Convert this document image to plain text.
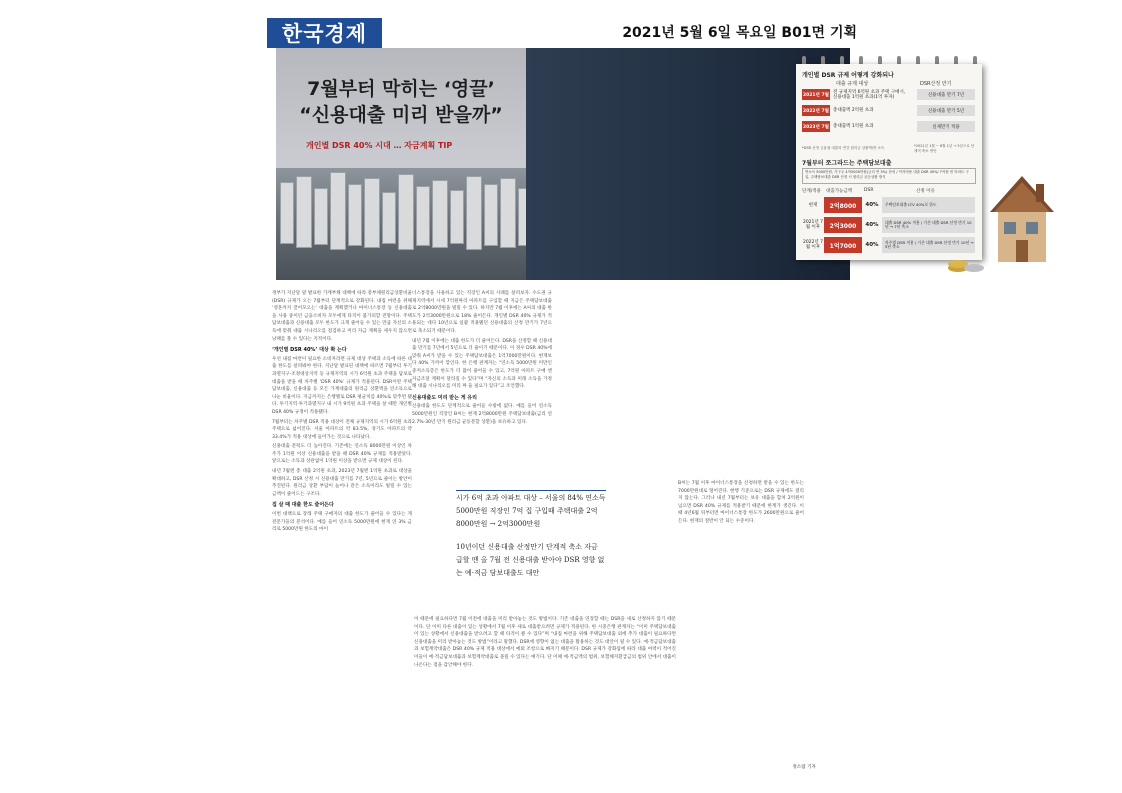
한국경제	2021년 5월 6일 목요일 B01면 기획
7월부터 막히는 ‘영끌’
“신용대출 미리 받을까”
개인별 DSR 40% 시대 … 자금계획 TIP
개인별 DSR 규제 어떻게 강화되나
대출 규제 대상	DSR산정 만기
2021년 7월
전 규제지역 6억원 초과 주택 구매시, 신용대출 1억원 초과(1억 투자)	신용대출 만기 7년
2022년 7월 총대출액 2억원 초과	신용대출 만기 5년
2023년 7월 총대출액 1억원 초과	실제만기 적용
*DSR 산정 금융권 대출의 연간 원리금 상환액/연 소득	*2021년 1월 ~ 6월 1년 → 5년으로 단계적 축소 방안
7월부터 쪼그라드는 주택담보대출
연소득 5000만원, 가구주 4억5000만원(금리 연 3%) 찬성 / 이자비용 대출 DSR 40%/ 7억원 빈 아파트 구입, 주택담보대출 DSR 산정 시 원리금 균등상환 방식
단계/적용 대출가능금액	DSR	산정 이유
현재	2억8000	40%	주택담보대출 LTV 40%로 한도
2021년 7월 이후	2억3000	40%	대출 DSR 40% 적용 / 기존 대출 DSR 산정 만기 10년 → 7년 축소
2022년 7월 이후	1억7000	40%	차주별 DSR 적용 / 기존 대출 DSR 산정 만기 10년 → 5년 축소
정부가 지난달 말 발표한 가계부채 대책에 따라 총부채원리금상환비율(DSR) 규제가 오는 7월부터 단계적으로 강화된다. 내집 마련을 위해 ‘영혼까지 끌어모으는’ 대출을 계획했거나 마이너스통장 등 신용대출을 사용 중이던 금융소비자 모두에게 타격이 불가피할 전망이다. 주택담보대출과 신용대출 모두 한도가 크게 줄어들 수 있는 만큼 자신의 소득에 맞춰 대출 시나리오를 점검하고 미리 자금 계획을 세우지 않으면 낭패를 볼 수 있다는 지적이다.
‘개인별 DSR 40%’ 대상 확 는다
우선 내집 마련이 필요한 소비자라면 규제 대상 주택과 소득에 따른 대출 한도를 살펴봐야 한다. 지난달 발표된 대책에 따르면 7월부터 투기과열지구·조정대상지역 등 규제지역의 시가 6억원 초과 주택을 담보로 대출을 받을 때 차주별 ‘DSR 40%’ 규제가 적용된다. DSR이란 주택담보대출, 신용대출 등 모든 가계대출의 원리금 상환액을 연소득으로 나눈 비율이다. 지금까지는 은행별로 DSR 평균치를 40%로 맞추면 됐다. 투기지역·투기과열지구 내 시가 9억원 초과 주택을 살 때만 개인별 DSR 40% 규정이 적용됐다.
7월부터는 차주별 DSR 적용 대상이 전체 규제지역의 시가 6억원 초과 주택으로 넓어진다. 서울 아파트의 약 83.5%, 경기도 아파트의 약 33.4%가 적용 대상에 들어가는 것으로 나타났다.
신용대출 문턱도 더 높아진다. 기존에는 연소득 8000만원 이상인 차주가 1억원 이상 신용대출을 받을 때 DSR 40% 규제를 적용받았다. 앞으로는 소득과 상관없이 1억원 이상을 받으면 규제 대상이 된다.
내년 7월엔 총 대출 2억원 초과, 2023년 7월엔 1억원 초과로 대상을 확대하고, DSR 산정 시 신용대출 만기를 7년, 5년으로 줄이는 방안이 추진된다. 원리금 상환 부담이 늘어나 같은 소득이라도 빌릴 수 있는 금액이 줄어드는 구조다.
집 살 때 대출 한도 줄어든다
이번 대책으로 장래 주택 구매자의 대출 한도가 줄어들 수 있다는 게 전문가들의 분석이다. 예를 들어 연소득 5000만원에 현재 연 3% 금리로 5000만원 한도의 마이
너스통장을 사용하고 있는 직장인 A씨의 사례를 살펴보자. 수도권 규제지역에서 시세 7억원짜리 아파트를 구입할 때 지금은 주택담보대출로 2억8000만원을 빌릴 수 있다. 하지만 7월 이후에는 A씨의 대출 한도가 2억3000만원으로 18% 줄어든다. 개인별 DSR 40% 규제가 적용되는 데다 10년으로 일괄 적용됐던 신용대출의 산정 만기가 7년으로 축소되기 때문이다.
내년 7월 이후에는 대출 한도가 더 줄어든다. DSR을 산정할 때 신용대출 만기를 7년에서 5년으로 더 줄이기 때문이다. 이 경우 DSR 40%에 맞춰 A씨가 받을 수 있는 주택담보대출은 1억7000만원이다. 현재보다 40% 가까이 깎인다. 한 은행 관계자는 “연소득 5000만원 미만인 중저소득층은 한도가 더 많이 줄어들 수 있고, 7억원 아파트 구매 엔 자금조달 계획이 달라질 수 있다”며 “자신의 소득과 미래 소득을 가정해 대출 시나리오를 미리 짜 둘 필요가 있다”고 조언했다.
신용대출도 미리 받는 게 유리
신용대출 한도도 단계적으로 줄어들 수밖에 없다. 예를 들어 연소득 5000만원인 직장인 B씨는 현재 2억8000만원 주택담보대출(금리 연 2.7%·30년 만기 원리금 균등분할 상환)을 보유하고 있다.
시가 6억 초과 아파트 대상 – 서울의 84% 연소득 5000만원 직장인 7억 집 구입때 주택대출 2억8000만원 → 2억3000만원
10년이던 신용대출 산정만기 단계적 축소 자금 급할 땐 올 7월 전 신용대출 받아야 DSR 영향 없는 예·적금 담보대출도 대안
B씨는 7월 이후 마이너스통장을 신청하면 받을 수 있는 한도는 7000만원대로 떨어진다. 현행 기준으로는 DSR 규제에도 걸리지 않는다. 그러나 내년 7월부터는 보유 대출을 합쳐 2억원이 넘으면 DSR 40% 규제를 적용받기 때문에 한계가 생긴다. 이때 4년6월 뒤부터면 마이너스통장 한도가 2600만원으로 줄어든다. 현재의 절반이 안 되는 수준이다.
이 때문에 필요하다면 7월 이전에 대출을 미리 받아놓는 것도 방법이다. 기존 대출을 연장할 때는 DSR을 새로 산정하지 않기 때문이다. 단 이미 다른 대출이 있는 상황에서 7월 이후 새로 대출받으려면 규제가 적용된다. 한 시중은행 관계자는 “이미 주택담보대출이 있는 상황에서 신용대출을 받으려고 할 때 타격이 클 수 있다”며 “내집 마련을 위해 주택담보대출 외에 추가 대출이 필요하다면 신용대출을 미리 받아놓는 것도 방법”이라고 말했다. DSR에 영향이 없는 대출을 활용하는 것도 대안이 될 수 있다. 예·적금담보대출과 보험계약대출은 DSR 40% 규제 적용 대상에서 예외 조항으로 빠지기 때문이다. DSR 규제가 강화됨에 따라 대출 여력이 적어진 이들이 예·적금담보대출과 보험계약대출로 몰릴 수 있다는 얘기다. 단 이때 예·적금액의 범위, 보험해지환급금의 범위 안에서 대출이 나온다는 점을 감안해야 한다.
정소람 기자
